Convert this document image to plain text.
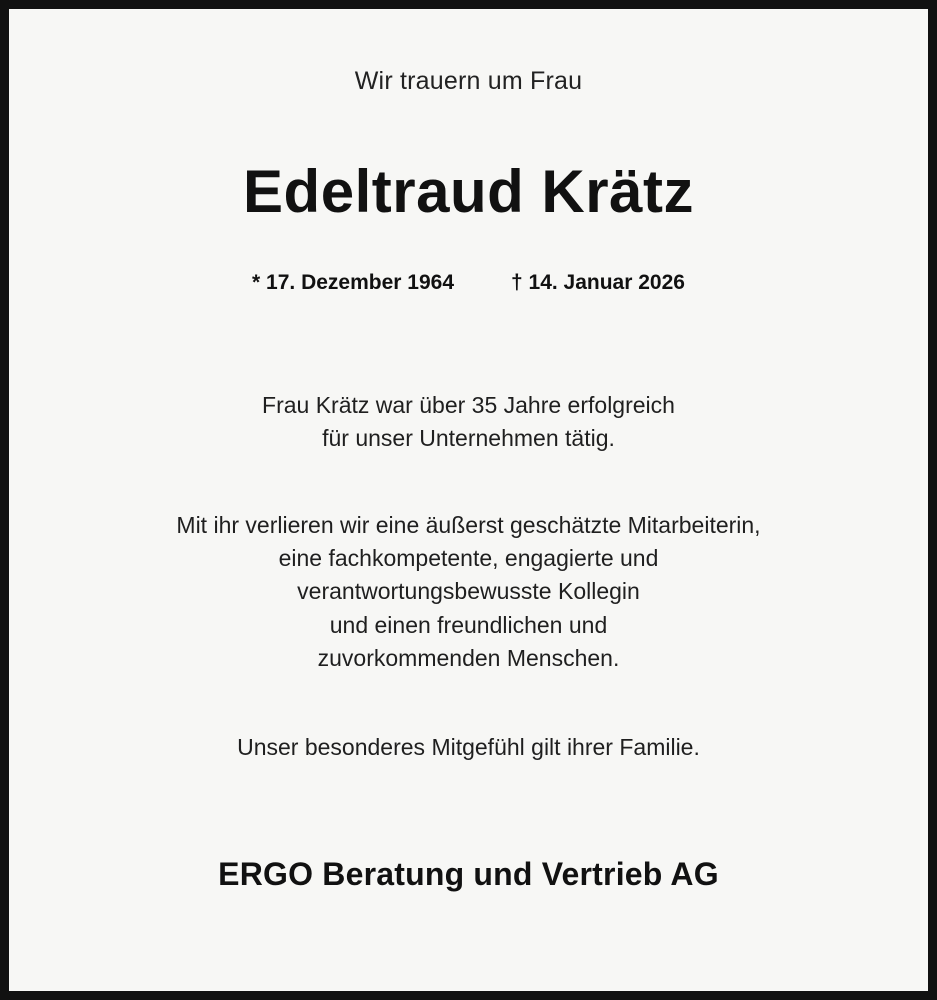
Wir trauern um Frau

Edeltraud Krätz
* 17. Dezember 1964	† 14. Januar 2026
Frau Krätz war über 35 Jahre erfolgreich
für unser Unternehmen tätig.
Mit ihr verlieren wir eine äußerst geschätzte Mitarbeiterin,
eine fachkompetente, engagierte und
verantwortungsbewusste Kollegin
und einen freundlichen und
zuvorkommenden Menschen.
Unser besonderes Mitgefühl gilt ihrer Familie.

ERGO Beratung und Vertrieb AG
